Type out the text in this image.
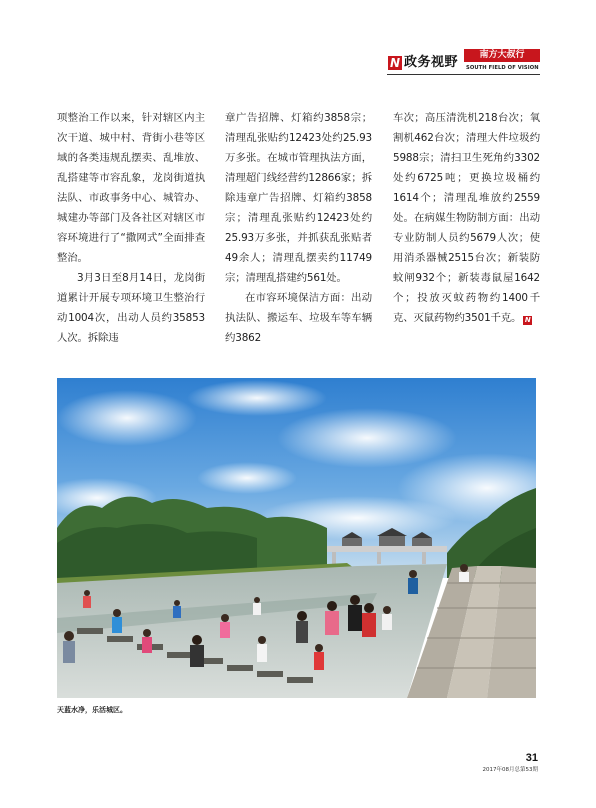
N 政务视野	南方大叔行
SOUTH FIELD OF VISION

项整治工作以来，针对辖区内主次干道、城中村、背街小巷等区域的各类违规乱摆卖、乱堆放、乱搭建等市容乱象，龙岗街道执法队、市政事务中心、城管办、城建办等部门及各社区对辖区市容环境进行了“撒网式”全面排查整治。

3月3日至8月14日，龙岗街道累计开展专项环境卫生整治行动1004次，出动人员约35853人次。拆除违

章广告招牌、灯箱约3858宗；清理乱张贴约12423处约25.93万多张。在城市管理执法方面，清理超门线经营约12866家；拆除违章广告招牌、灯箱约3858宗；清理乱张贴约12423处约25.93万多张，并抓获乱张贴者49余人；清理乱摆卖约11749宗；清理乱搭建约561处。

在市容环境保洁方面：出动执法队、搬运车、垃圾车等车辆约3862

车次；高压清洗机218台次；氧割机462台次；清理大件垃圾约5988宗；清扫卫生死角约3302处约6725吨；更换垃圾桶约1614个；清理乱堆放约2559处。在病媒生物防制方面：出动专业防制人员约5679人次；使用消杀器械2515台次；新装防蚊闸932个；新装毒鼠屋1642个；投放灭蚊药物约1400千克、灭鼠药物约3501千克。 N

天蓝水净，乐活城区。
31
2017年08月总第53期
